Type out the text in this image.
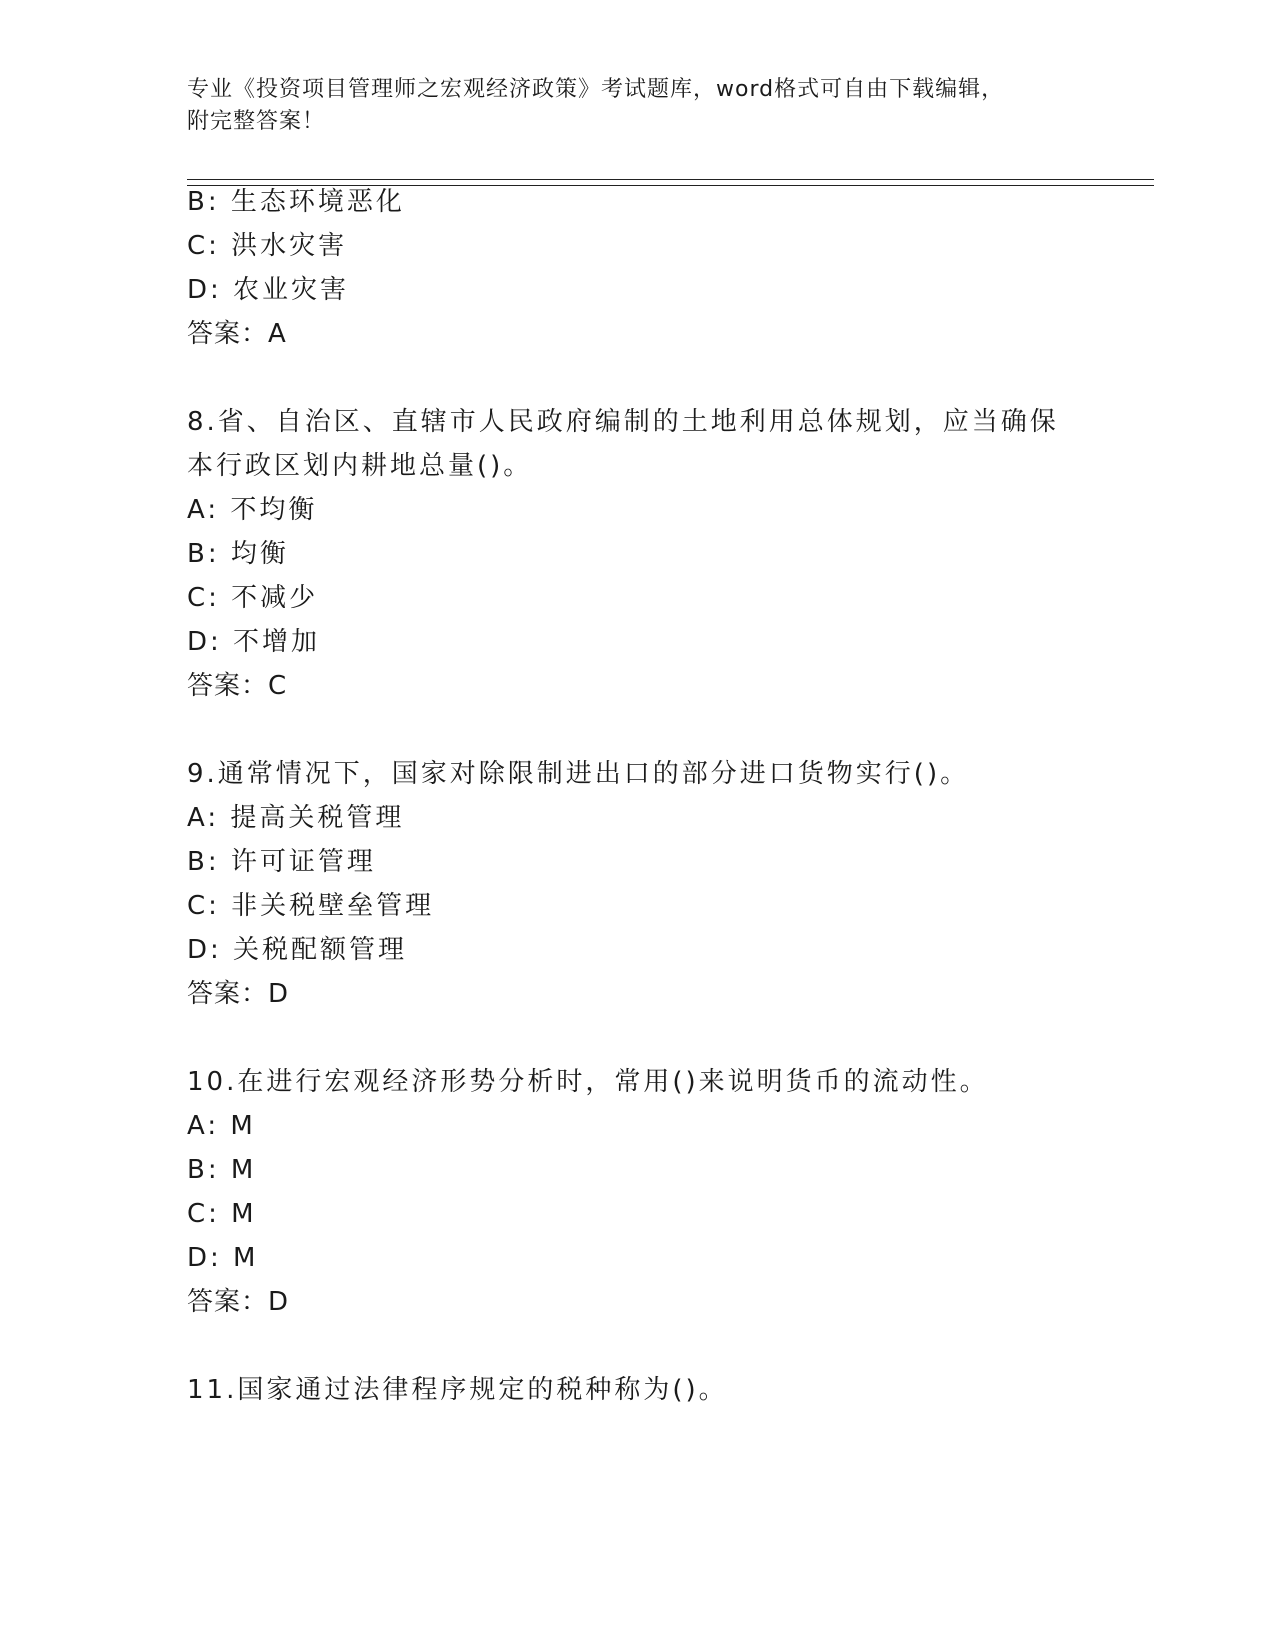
专业《投资项目管理师之宏观经济政策》考试题库，word格式可自由下载编辑，
附完整答案！
B: 生态环境恶化
C: 洪水灾害
D: 农业灾害
答案：A
8.省、自治区、直辖市人民政府编制的土地利用总体规划，应当确保
本行政区划内耕地总量()。
A: 不均衡
B: 均衡
C: 不减少
D: 不增加
答案：C
9.通常情况下，国家对除限制进出口的部分进口货物实行()。
A: 提高关税管理
B: 许可证管理
C: 非关税壁垒管理
D: 关税配额管理
答案：D
10.在进行宏观经济形势分析时，常用()来说明货币的流动性。
A: M
B: M
C: M
D: M
答案：D
11.国家通过法律程序规定的税种称为()。
